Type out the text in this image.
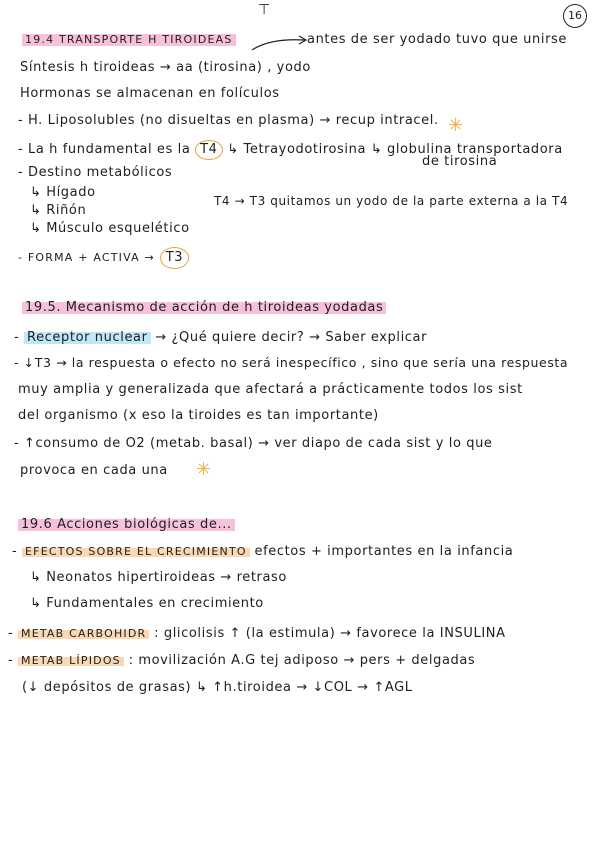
⊤	16
19.4 TRANSPORTE H TIROIDEAS	antes de ser yodado tuvo que unirse
Síntesis h tiroideas → aa (tirosina) , yodo
Hormonas se almacenan en folículos
- H. Liposolubles (no disueltas en plasma) → recup intracel. ✳
- La h fundamental es la T4 ↳ Tetrayodotirosina ↳ globulina transportadora
de tirosina
- Destino metabólicos
↳ Hígado
↳ Riñón
↳ Músculo esquelético
T4 → T3 quitamos un yodo de la parte externa a la T4
- FORMA + ACTIVA → T3
19.5. Mecanismo de acción de h tiroideas yodadas
- Receptor nuclear → ¿Qué quiere decir? → Saber explicar
- ↓T3 → la respuesta o efecto no será inespecífico , sino que sería una respuesta
muy amplia y generalizada que afectará a prácticamente todos los sist
del organismo (x eso la tiroides es tan importante)
- ↑consumo de O2 (metab. basal) → ver diapo de cada sist y lo que
provoca en cada una ✳
19.6 Acciones biológicas de...
- EFECTOS SOBRE EL CRECIMIENTO efectos + importantes en la infancia
↳ Neonatos hipertiroideas → retraso
↳ Fundamentales en crecimiento
- METAB CARBOHIDR : glicolisis ↑ (la estimula) → favorece la INSULINA
- METAB LÍPIDOS : movilización A.G tej adiposo → pers + delgadas
(↓ depósitos de grasas) ↳ ↑h.tiroidea → ↓COL → ↑AGL
